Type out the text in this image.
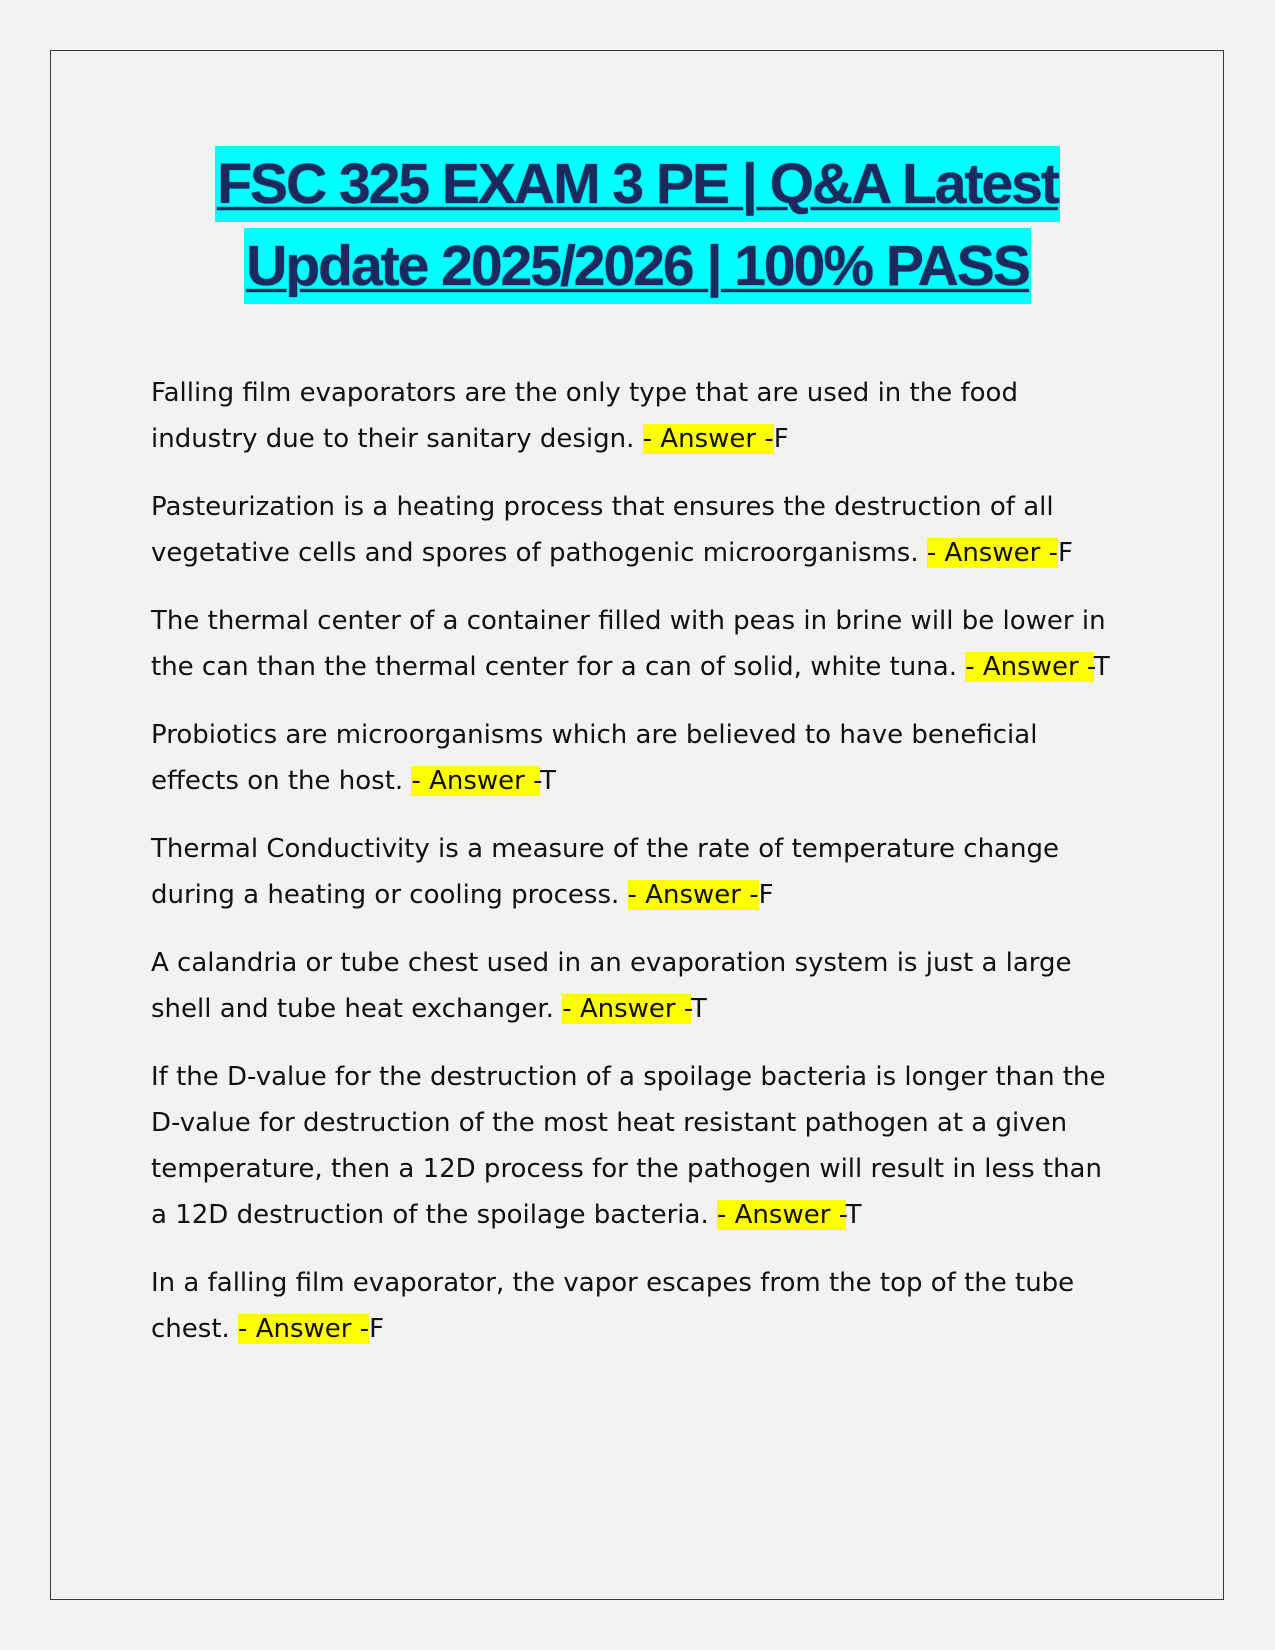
FSC 325 EXAM 3 PE | Q&A Latest
Update 2025/2026 | 100% PASS

Falling film evaporators are the only type that are used in the food industry due to their sanitary design. - Answer -F

Pasteurization is a heating process that ensures the destruction of all vegetative cells and spores of pathogenic microorganisms. - Answer -F

The thermal center of a container filled with peas in brine will be lower in the can than the thermal center for a can of solid, white tuna. - Answer -T

Probiotics are microorganisms which are believed to have beneficial effects on the host. - Answer -T

Thermal Conductivity is a measure of the rate of temperature change during a heating or cooling process. - Answer -F

A calandria or tube chest used in an evaporation system is just a large shell and tube heat exchanger. - Answer -T

If the D-value for the destruction of a spoilage bacteria is longer than the D-value for destruction of the most heat resistant pathogen at a given temperature, then a 12D process for the pathogen will result in less than a 12D destruction of the spoilage bacteria. - Answer -T

In a falling film evaporator, the vapor escapes from the top of the tube chest. - Answer -F
